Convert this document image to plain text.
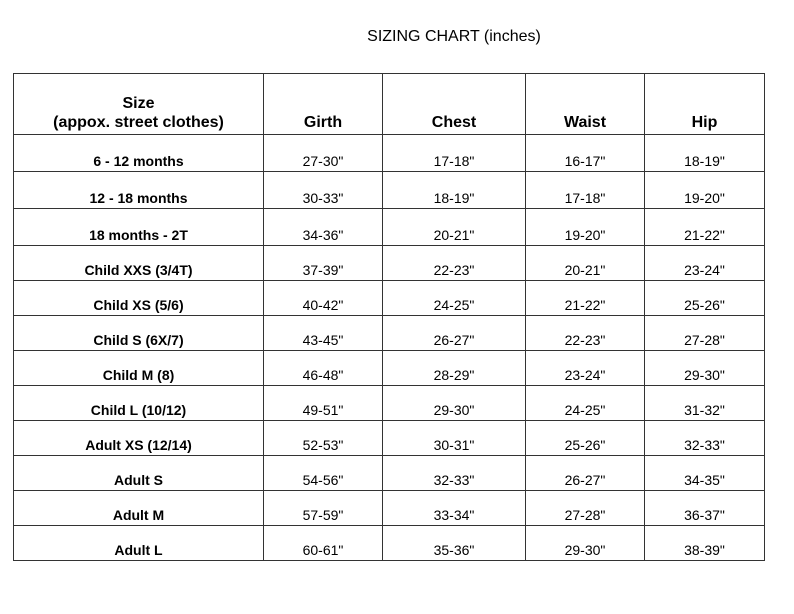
SIZING CHART (inches)
Size
(appox. street clothes)	Girth	Chest	Waist	Hip
6 - 12 months	27-30"	17-18"	16-17"	18-19"
12 - 18 months	30-33"	18-19"	17-18"	19-20"
18 months - 2T	34-36"	20-21"	19-20"	21-22"
Child XXS (3/4T)	37-39"	22-23"	20-21"	23-24"
Child XS (5/6)	40-42"	24-25"	21-22"	25-26"
Child S (6X/7)	43-45"	26-27"	22-23"	27-28"
Child M (8)	46-48"	28-29"	23-24"	29-30"
Child L (10/12)	49-51"	29-30"	24-25"	31-32"
Adult XS (12/14)	52-53"	30-31"	25-26"	32-33"
Adult S	54-56"	32-33"	26-27"	34-35"
Adult M	57-59"	33-34"	27-28"	36-37"
Adult L	60-61"	35-36"	29-30"	38-39"
